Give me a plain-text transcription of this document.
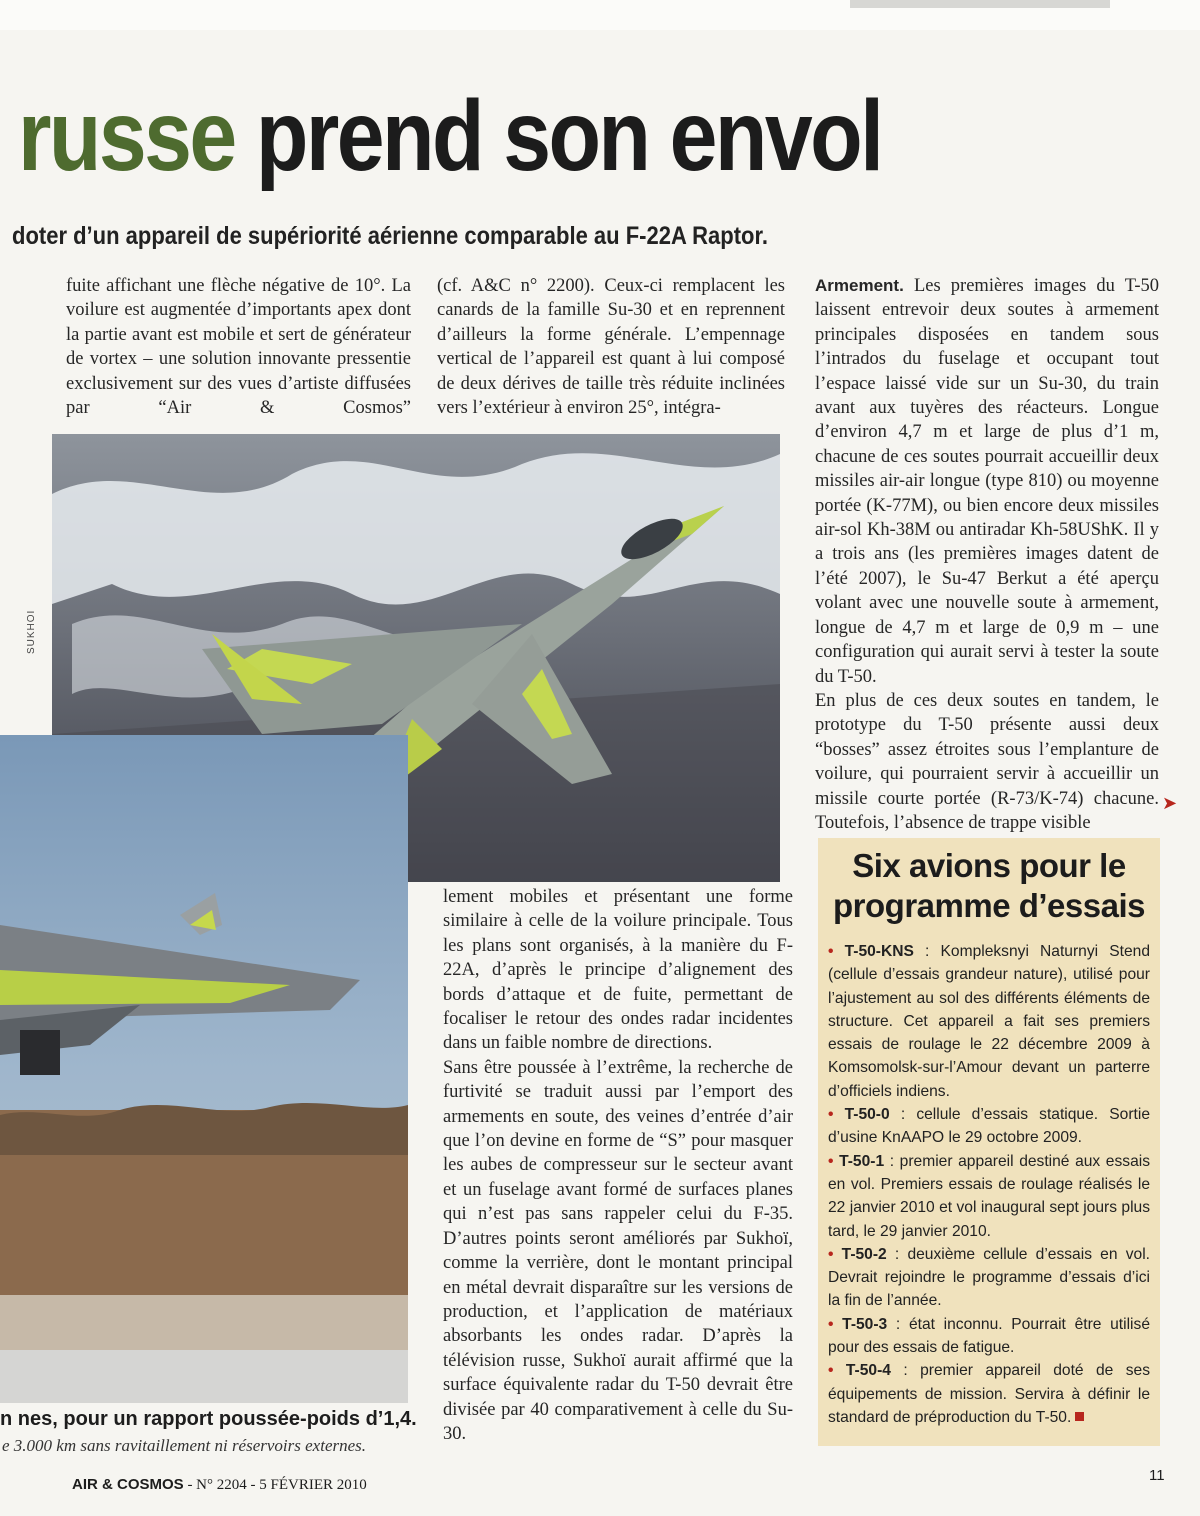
russe prend son envol

doter d’un appareil de supériorité aérienne comparable au F-22A Raptor.

fuite affichant une flèche négative de 10°. La voilure est augmentée d’importants apex dont la partie avant est mobile et sert de générateur de vortex – une solution innovante pressentie exclusivement sur des vues d’artiste diffusées par “Air & Cosmos”

(cf. A&C n° 2200). Ceux-ci remplacent les canards de la famille Su-30 et en reprennent d’ailleurs la forme générale. L’empennage vertical de l’appareil est quant à lui composé de deux dérives de taille très réduite inclinées vers l’extérieur à environ 25°, intégra-

SUKHOI

n nes, pour un rapport poussée-poids d’1,4.

e 3.000 km sans ravitaillement ni réservoirs externes.

lement mobiles et présentant une forme similaire à celle de la voilure principale. Tous les plans sont organisés, à la manière du F-22A, d’après le principe d’alignement des bords d’attaque et de fuite, permettant de focaliser le retour des ondes radar incidentes dans un faible nombre de directions.

Sans être poussée à l’extrême, la recherche de furtivité se traduit aussi par l’emport des armements en soute, des veines d’entrée d’air que l’on devine en forme de “S” pour masquer les aubes de compresseur sur le secteur avant et un fuselage avant formé de surfaces planes qui n’est pas sans rappeler celui du F-35. D’autres points seront améliorés par Sukhoï, comme la verrière, dont le montant principal en métal devrait disparaître sur les versions de production, et l’application de matériaux absorbants les ondes radar. D’après la télévision russe, Sukhoï aurait affirmé que la surface équivalente radar du T-50 devrait être divisée par 40 comparativement à celle du Su-30.

Armement. Les premières images du T-50 laissent entrevoir deux soutes à armement principales disposées en tandem sous l’intrados du fuselage et occupant tout l’espace laissé vide sur un Su-30, du train avant aux tuyères des réacteurs. Longue d’environ 4,7 m et large de plus d’1 m, chacune de ces soutes pourrait accueillir deux missiles air-air longue (type 810) ou moyenne portée (K-77M), ou bien encore deux missiles air-sol Kh-38M ou antiradar Kh-58UShK. Il y a trois ans (les premières images datent de l’été 2007), le Su-47 Berkut a été aperçu volant avec une nouvelle soute à armement, longue de 4,7 m et large de 0,9 m – une configuration qui aurait servi à tester la soute du T-50.

En plus de ces deux soutes en tandem, le prototype du T-50 présente aussi deux “bosses” assez étroites sous l’emplanture de voilure, qui pourraient servir à accueillir un missile courte portée (R-73/K-74) chacune. Toutefois, l’absence de trappe visible

➤
Six avions pour le programme d’essais
• T-50-KNS : Kompleksnyi Naturnyi Stend (cellule d’essais grandeur nature), utilisé pour l’ajustement au sol des différents éléments de structure. Cet appareil a fait ses premiers essais de roulage le 22 décembre 2009 à Komsomolsk-sur-l’Amour devant un parterre d’officiels indiens.
• T-50-0 : cellule d’essais statique. Sortie d’usine KnAAPO le 29 octobre 2009.
• T-50-1 : premier appareil destiné aux essais en vol. Premiers essais de roulage réalisés le 22 janvier 2010 et vol inaugural sept jours plus tard, le 29 janvier 2010.
• T-50-2 : deuxième cellule d’essais en vol. Devrait rejoindre le programme d’essais d’ici la fin de l’année.
• T-50-3 : état inconnu. Pourrait être utilisé pour des essais de fatigue.
• T-50-4 : premier appareil doté de ses équipements de mission. Servira à définir le standard de préproduction du T-50.

AIR & COSMOS - N° 2204 - 5 FÉVRIER 2010

11
